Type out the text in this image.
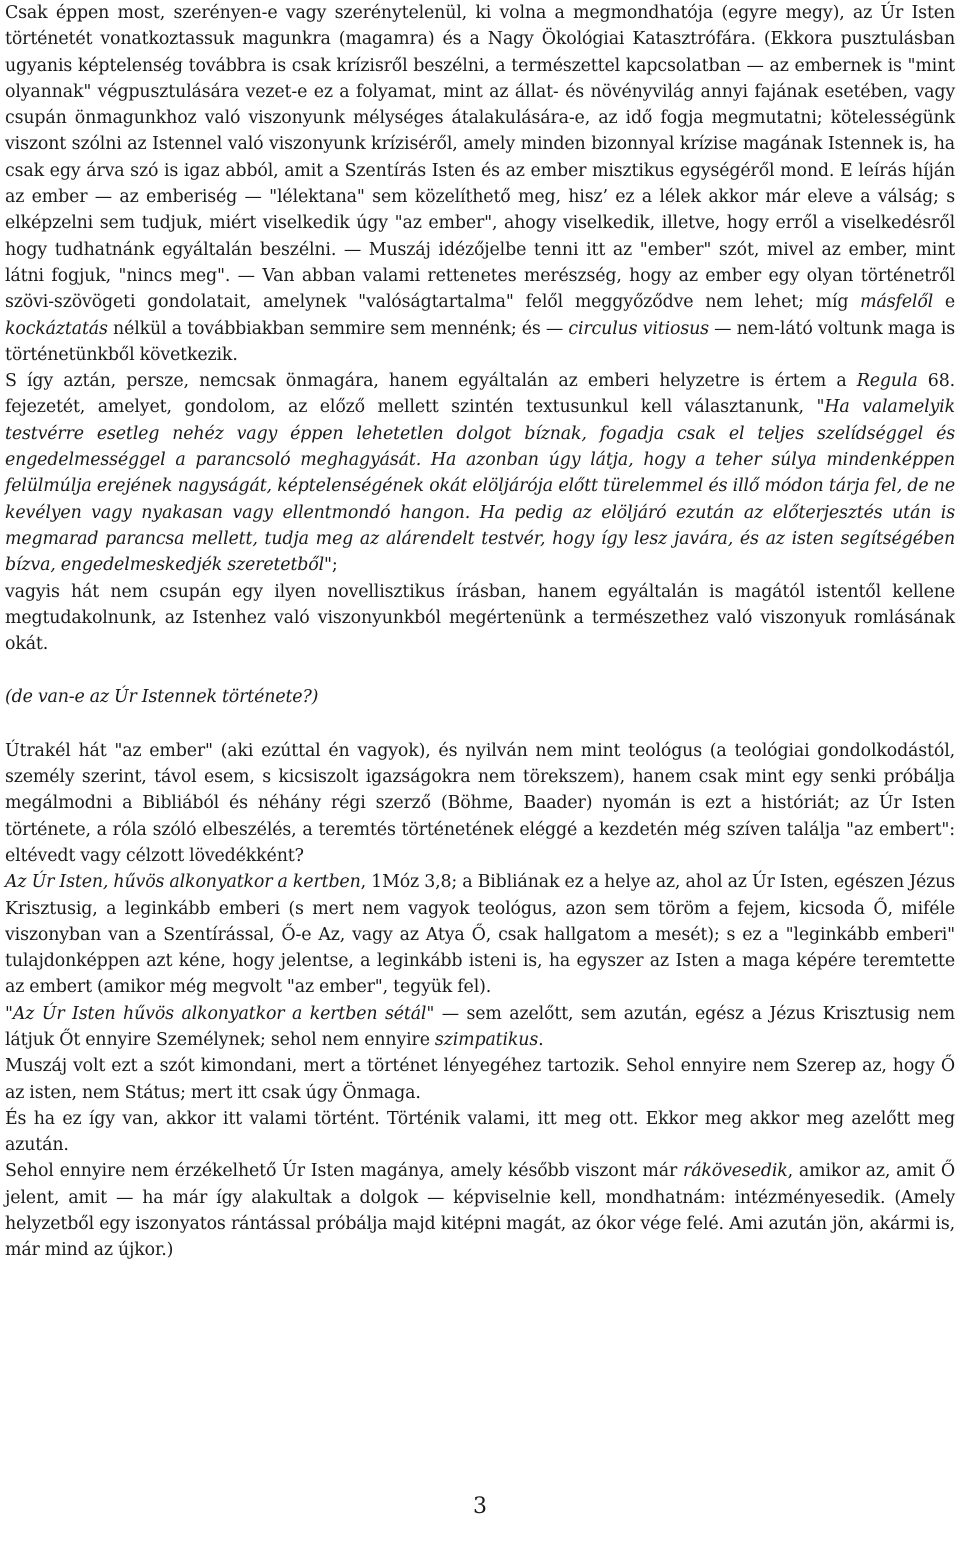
Csak éppen most, szerényen-e vagy szerénytelenül, ki volna a megmondhatója (egyre megy), az Úr Isten történetét vonatkoztassuk magunkra (magamra) és a Nagy Ökológiai Katasztrófára. (Ekkora pusztulásban ugyanis képtelenség továbbra is csak krízisről beszélni, a természettel kapcsolatban — az embernek is "mint olyannak" végpusztulására vezet-e ez a folyamat, mint az állat- és növényvilág annyi fajának esetében, vagy csupán önmagunkhoz való viszonyunk mélységes átalakulására-e, az idő fogja megmutatni; kötelességünk viszont szólni az Istennel való viszonyunk kríziséről, amely minden bizonnyal krízise magának Istennek is, ha csak egy árva szó is igaz abból, amit a Szentírás Isten és az ember misztikus egységéről mond. E leírás híján az ember — az emberiség — "lélektana" sem közelíthető meg, hisz’ ez a lélek akkor már eleve a válság; s elképzelni sem tudjuk, miért viselkedik úgy "az ember", ahogy viselkedik, illetve, hogy erről a viselkedésről hogy tudhatnánk egyáltalán beszélni. — Muszáj idézőjelbe tenni itt az "ember" szót, mivel az ember, mint látni fogjuk, "nincs meg". — Van abban valami rettenetes merészség, hogy az ember egy olyan történetről szövi-szövögeti gondolatait, amelynek "valóságtartalma" felől meggyőződve nem lehet; míg másfelől e kockáztatás nélkül a továbbiakban semmire sem mennénk; és — circulus vitiosus — nem-látó voltunk maga is történetünkből következik.

S így aztán, persze, nemcsak önmagára, hanem egyáltalán az emberi helyzetre is értem a Regula 68. fejezetét, amelyet, gondolom, az előző mellett szintén textusunkul kell választanunk, "Ha valamelyik testvérre esetleg nehéz vagy éppen lehetetlen dolgot bíznak, fogadja csak el teljes szelídséggel és engedelmességgel a parancsoló meghagyását. Ha azonban úgy látja, hogy a teher súlya mindenképpen felülmúlja erejének nagyságát, képtelenségének okát elöljárója előtt türelemmel és illő módon tárja fel, de ne kevélyen vagy nyakasan vagy ellentmondó hangon. Ha pedig az elöljáró ezután az előterjesztés után is megmarad parancsa mellett, tudja meg az alárendelt testvér, hogy így lesz javára, és az isten segítségében bízva, engedelmeskedjék szeretetből";

vagyis hát nem csupán egy ilyen novellisztikus írásban, hanem egyáltalán is magától istentől kellene megtudakolnunk, az Istenhez való viszonyunkból megértenünk a természethez való viszonyuk romlásának okát.

(de van-e az Úr Istennek története?)

Útrakél hát "az ember" (aki ezúttal én vagyok), és nyilván nem mint teológus (a teológiai gondolkodástól, személy szerint, távol esem, s kicsiszolt igazságokra nem törekszem), hanem csak mint egy senki próbálja megálmodni a Bibliából és néhány régi szerző (Böhme, Baader) nyomán is ezt a históriát; az Úr Isten története, a róla szóló elbeszélés, a teremtés történetének eléggé a kezdetén még szíven találja "az embert": eltévedt vagy célzott lövedékként?

Az Úr Isten, hűvös alkonyatkor a kertben, 1Móz 3,8; a Bibliának ez a helye az, ahol az Úr Isten, egészen Jézus Krisztusig, a leginkább emberi (s mert nem vagyok teológus, azon sem töröm a fejem, kicsoda Ő, miféle viszonyban van a Szentírással, Ő-e Az, vagy az Atya Ő, csak hallgatom a mesét); s ez a "leginkább emberi" tulajdonképpen azt kéne, hogy jelentse, a leginkább isteni is, ha egyszer az Isten a maga képére teremtette az embert (amikor még megvolt "az ember", tegyük fel).

"Az Úr Isten hűvös alkonyatkor a kertben sétál" — sem azelőtt, sem azután, egész a Jézus Krisztusig nem látjuk Őt ennyire Személynek; sehol nem ennyire szimpatikus.

Muszáj volt ezt a szót kimondani, mert a történet lényegéhez tartozik. Sehol ennyire nem Szerep az, hogy Ő az isten, nem Státus; mert itt csak úgy Önmaga.

És ha ez így van, akkor itt valami történt. Történik valami, itt meg ott. Ekkor meg akkor meg azelőtt meg azután.

Sehol ennyire nem érzékelhető Úr Isten magánya, amely később viszont már rákövesedik, amikor az, amit Ő jelent, amit — ha már így alakultak a dolgok — képviselnie kell, mondhatnám: intézményesedik. (Amely helyzetből egy iszonyatos rántással próbálja majd kitépni magát, az ókor vége felé. Ami azután jön, akármi is, már mind az újkor.)

3
